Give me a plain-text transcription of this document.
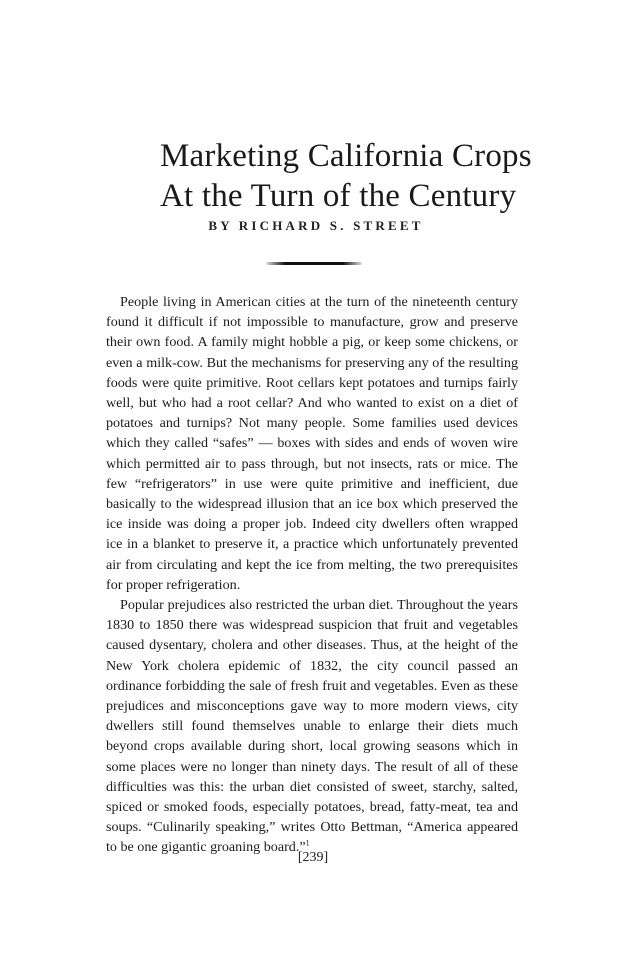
Marketing California Crops
At the Turn of the Century
BY RICHARD S. STREET

People living in American cities at the turn of the nineteenth century found it difficult if not impossible to manufacture, grow and preserve their own food. A family might hobble a pig, or keep some chickens, or even a milk-cow. But the mechanisms for preserving any of the resulting foods were quite primitive. Root cellars kept potatoes and turnips fairly well, but who had a root cellar? And who wanted to exist on a diet of potatoes and turnips? Not many people. Some families used devices which they called “safes” — boxes with sides and ends of woven wire which permitted air to pass through, but not insects, rats or mice. The few “refrigerators” in use were quite primitive and inefficient, due basically to the widespread illusion that an ice box which preserved the ice inside was doing a proper job. Indeed city dwellers often wrapped ice in a blanket to preserve it, a practice which unfortunately prevented air from circulating and kept the ice from melting, the two prerequisites for proper refrigeration.

Popular prejudices also restricted the urban diet. Throughout the years 1830 to 1850 there was widespread suspicion that fruit and vegetables caused dysentary, cholera and other diseases. Thus, at the height of the New York cholera epidemic of 1832, the city council passed an ordinance forbidding the sale of fresh fruit and vegetables. Even as these prejudices and misconceptions gave way to more modern views, city dwellers still found themselves unable to enlarge their diets much beyond crops available during short, local growing seasons which in some places were no longer than ninety days. The result of all of these difficulties was this: the urban diet consisted of sweet, starchy, salted, spiced or smoked foods, especially potatoes, bread, fatty-meat, tea and soups. “Culinarily speaking,” writes Otto Bettman, “America appeared to be one gigantic groaning board.”$^1$

[239]
